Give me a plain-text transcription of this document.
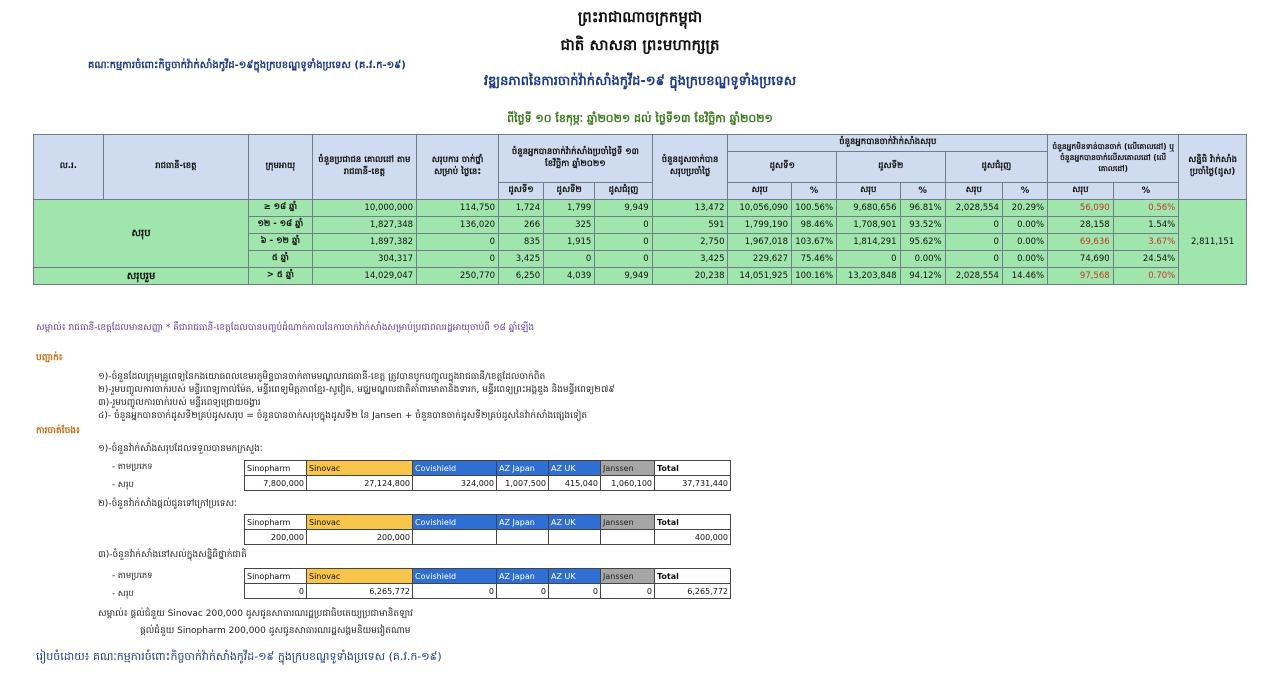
ព្រះរាជាណាចក្រកម្ពុជា
ជាតិ សាសនា ព្រះមហាក្សត្រ
គណៈកម្មការចំពោះកិច្ចចាក់វ៉ាក់សាំងកូវីដ-១៩ក្នុងក្របខណ្ឌទូទាំងប្រទេស (គ.វ.ក-១៩)
វឌ្ឍនភាពនៃការចាក់វ៉ាក់សាំងកូវីដ-១៩ ក្នុងក្របខណ្ឌទូទាំងប្រទេស
ពីថ្ងៃទី ១០ ខែកុម្ភៈ ឆ្នាំ២០២១ ដល់ ថ្ងៃទី១៣ ខែវិច្ឆិកា ឆ្នាំ២០២១
ល.រ.	រាជធានី-ខេត្ត	ក្រុមអាយុ	ចំនួនប្រជាជន គោលដៅ តាមរាជធានី-ខេត្ត	សរុបការ ចាក់ថ្នាំ សម្រាប់ ថ្ងៃនេះ	ចំនួនអ្នកបានចាក់វ៉ាក់សាំងប្រចាំថ្ងៃទី ១៣ ខែវិច្ឆិកា ឆ្នាំ២០២១			ចំនួនដូសចាក់បាន សរុបប្រចាំថ្ងៃ	ចំនួនអ្នកបានចាក់វ៉ាក់សាំងសរុប						ចំនួនអ្នកមិនទាន់បានចាក់ (លើគោលដៅ) ឬចំនួនអ្នកបានចាក់លើសគោលដៅ (លើគោលដៅ)		សន្និធិ វ៉ាក់សាំងប្រចាំថ្ងៃ(ដូស)
									ដូសទី១		ដូសទី២		ដូសជំរុញ				
					ដូសទី១	ដូសទី២	ដូសជំរុញ		សរុប	%	សរុប	%	សរុប	%	សរុប	%	
សរុប		≥ ១៨ ឆ្នាំ	10,000,000	114,750	1,724	1,799	9,949	13,472	10,056,090	100.56%	9,680,656	96.81%	2,028,554	20.29%	56,090	0.56%	2,811,151
		១២ - ១៨ ឆ្នាំ	1,827,348	136,020	266	325	0	591	1,799,190	98.46%	1,708,901	93.52%	0	0.00%	28,158	1.54%	
		៦ - ១២ ឆ្នាំ	1,897,382	0	835	1,915	0	2,750	1,967,018	103.67%	1,814,291	95.62%	0	0.00%	69,636	3.67%	
		៥ ឆ្នាំ	304,317	0	3,425	0	0	3,425	229,627	75.46%	0	0.00%	0	0.00%	74,690	24.54%	
សរុបរួម		> ៥ ឆ្នាំ	14,029,047	250,770	6,250	4,039	9,949	20,238	14,051,925	100.16%	13,203,848	94.12%	2,028,554	14.46%	97,568	0.70%	
សម្គាល់៖ រាជធានី-ខេត្តដែលមានសញ្ញា * គឺជារាជធានី-ខេត្តដែលបានបញ្ចប់ដំណាក់កាលនៃការចាក់វ៉ាក់សាំងសម្រាប់ប្រជាពលរដ្ឋអាយុចាប់ពី ១៨ ឆ្នាំឡើង
បញ្ជាក់៖
១)-ចំនួនដែលក្រុមគ្រូពេទ្យនៃកងយោធពលខេមរភូមិន្ទបានចាក់តាមមណ្ឌលរាជធានី-ខេត្ត ត្រូវបានបូកបញ្ចូលក្នុងរាជធានី/ខេត្តដែលចាក់ពិត
២)-រួមបញ្ចូលការចាក់របស់ មន្ទីរពេទ្យកាល់ម៉ែត, មន្ទីរពេទ្យមិត្តភាពខ្មែរ-សូវៀត, មជ្ឈមណ្ឌលជាតិគាំពារមាតានិងទារក, មន្ទីរពេទ្យព្រះអង្គឌួង និងមន្ទីរពេទ្យ២៧៩
៣)-រួមបញ្ចូលការចាក់របស់ មន្ទីរពេទ្យជ្រោយចង្វារ
៤)- ចំនួនអ្នកបានចាក់ដូសទី២គ្រប់ដូសសរុប = ចំនួនបានចាក់សរុបក្នុងដូសទី២ នៃ Jansen + ចំនួនបានចាក់ដូសទី២គ្រប់ដូសនៃវ៉ាក់សាំងផ្សេងទៀត
ការចាត់ចែង៖
១)-ចំនួនវ៉ាក់សាំងសរុបដែលទទួលបានមកក្រសួងៈ
- តាមប្រភេទ
- សរុប
Sinopharm	Sinovac	Covishield	AZ Japan	AZ UK	Janssen	Total
7,800,000	27,124,800	324,000	1,007,500	415,040	1,060,100	37,731,440
២)-ចំនួនវ៉ាក់សាំងផ្តល់ជូនទៅក្រៅប្រទេសៈ
Sinopharm	Sinovac	Covishield	AZ Japan	AZ UK	Janssen	Total
200,000	200,000					400,000
៣)-ចំនួនវ៉ាក់សាំងនៅសល់ក្នុងសន្និធិថ្នាក់ជាតិ
- តាមប្រភេទ
- សរុប
Sinopharm	Sinovac	Covishield	AZ Japan	AZ UK	Janssen	Total
0	6,265,772	0	0	0	0	6,265,772
សម្គាល់៖ ផ្តល់ជំនួយ Sinovac 200,000 ដូសជូនសាធារណរដ្ឋប្រជាធិបតេយ្យប្រជាមានិតឡាវ
ផ្តល់ជំនួយ Sinopharm 200,000 ដូសជូនសាធារណរដ្ឋសង្គមនិយមវៀតណាម
រៀបចំដោយ៖ គណៈកម្មការចំពោះកិច្ចចាក់វ៉ាក់សាំងកូវីដ-១៩ ក្នុងក្របខណ្ឌទូទាំងប្រទេស (គ.វ.ក-១៩)
